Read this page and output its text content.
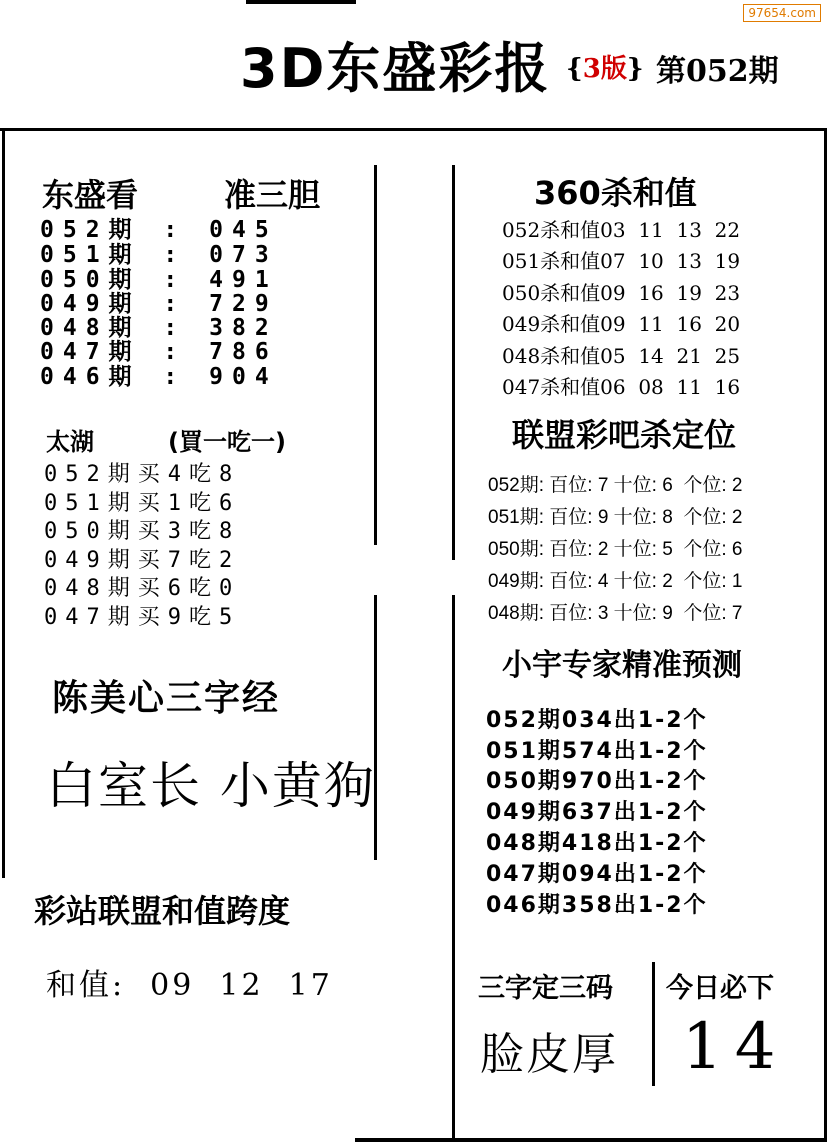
97654.com
3D东盛彩报 {3版} 第052期
东盛看	准三胆
052期 : 045
051期 : 073
050期 : 491
049期 : 729
048期 : 382
047期 : 786
046期 : 904
太湖	(買一吃一)
052期买4吃8
051期买1吃6
050期买3吃8
049期买7吃2
048期买6吃0
047期买9吃5
陈美心三字经
白室长 小黄狗
彩站联盟和值跨度
和值:  09  12  17
360杀和值
052杀和值03  11  13  22
051杀和值07  10  13  19
050杀和值09  16  19  23
049杀和值09  11  16  20
048杀和值05  14  21  25
047杀和值06  08  11  16
联盟彩吧杀定位
052期: 百位: 7 十位: 6  个位: 2
051期: 百位: 9 十位: 8  个位: 2
050期: 百位: 2 十位: 5  个位: 6
049期: 百位: 4 十位: 2  个位: 1
048期: 百位: 3 十位: 9  个位: 7
小宇专家精准预测
052期034出1-2个
051期574出1-2个
050期970出1-2个
049期637出1-2个
048期418出1-2个
047期094出1-2个
046期358出1-2个
三字定三码
脸皮厚
今日必下
14
